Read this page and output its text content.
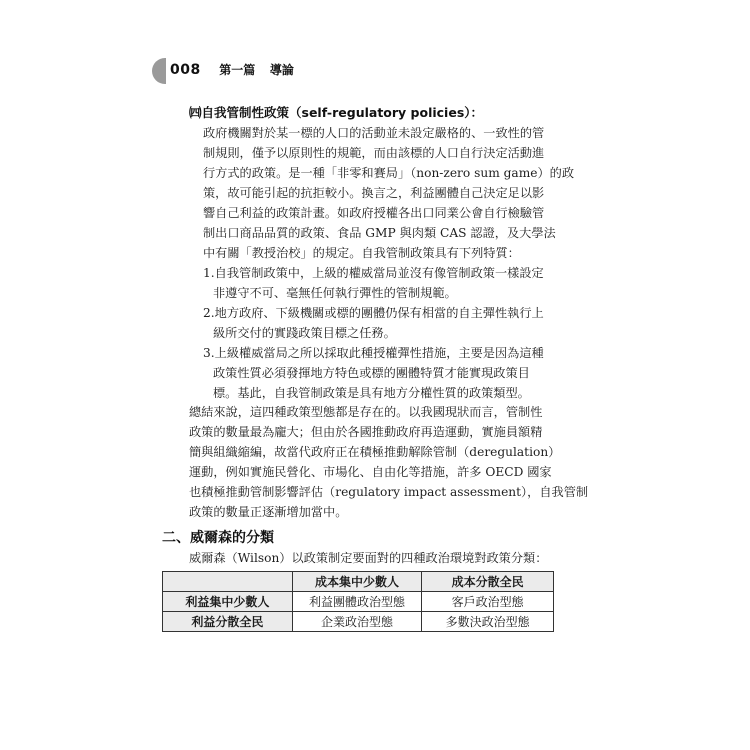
008 第一篇 導論
㈣自我管制性政策（self-regulatory policies）：
政府機關對於某一標的人口的活動並未設定嚴格的、一致性的管
制規則，僅予以原則性的規範，而由該標的人口自行決定活動進
行方式的政策。是一種「非零和賽局」（non-zero sum game）的政
策，故可能引起的抗拒較小。換言之，利益團體自己決定足以影
響自己利益的政策計畫。如政府授權各出口同業公會自行檢驗管
制出口商品品質的政策、食品 GMP 與肉類 CAS 認證，及大學法
中有關「教授治校」的規定。自我管制政策具有下列特質：
1.自我管制政策中，上級的權威當局並沒有像管制政策一樣設定
非遵守不可、毫無任何執行彈性的管制規範。
2.地方政府、下級機關或標的團體仍保有相當的自主彈性執行上
級所交付的實踐政策目標之任務。
3.上級權威當局之所以採取此種授權彈性措施，主要是因為這種
政策性質必須發揮地方特色或標的團體特質才能實現政策目
標。基此，自我管制政策是具有地方分權性質的政策類型。
總結來說，這四種政策型態都是存在的。以我國現狀而言，管制性
政策的數量最為龐大；但由於各國推動政府再造運動，實施員額精
簡與組織縮編，故當代政府正在積極推動解除管制（deregulation）
運動，例如實施民營化、市場化、自由化等措施，許多 OECD 國家
也積極推動管制影響評估（regulatory impact assessment），自我管制
政策的數量正逐漸增加當中。
二、威爾森的分類
威爾森（Wilson）以政策制定要面對的四種政治環境對政策分類：
	成本集中少數人	成本分散全民
利益集中少數人	利益團體政治型態	客戶政治型態
利益分散全民	企業政治型態	多數決政治型態
